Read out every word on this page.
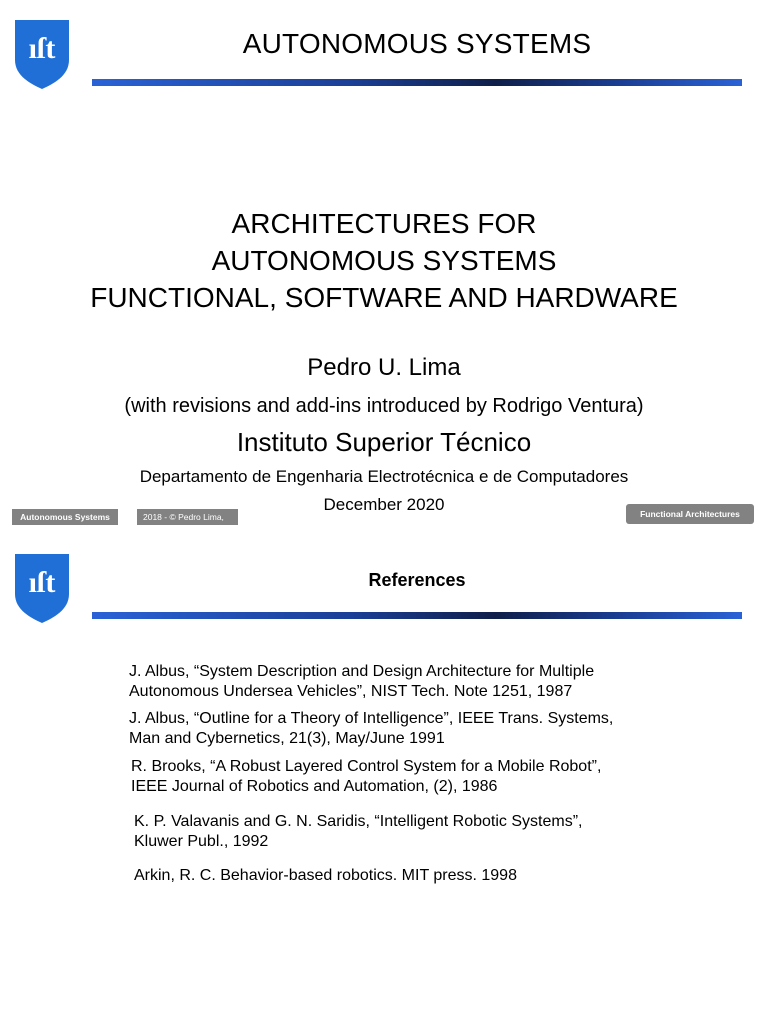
ıſt	AUTONOMOUS SYSTEMS
ARCHITECTURES FOR
AUTONOMOUS SYSTEMS
FUNCTIONAL, SOFTWARE AND HARDWARE
Pedro U. Lima
(with revisions and add-ins introduced by Rodrigo Ventura)
Instituto Superior Técnico
Departamento de Engenharia Electrotécnica e de Computadores
December 2020
Autonomous Systems	2018 - © Pedro Lima,	Functional Architectures
ıſt	References
J. Albus, “System Description and Design Architecture for Multiple
Autonomous Undersea Vehicles”, NIST Tech. Note 1251, 1987
J. Albus, “Outline for a Theory of Intelligence”, IEEE Trans. Systems,
Man and Cybernetics, 21(3), May/June 1991
R. Brooks, “A Robust Layered Control System for a Mobile Robot”,
IEEE Journal of Robotics and Automation, (2), 1986
K. P. Valavanis and G. N. Saridis, “Intelligent Robotic Systems”,
Kluwer Publ., 1992
Arkin, R. C. Behavior-based robotics. MIT press. 1998
